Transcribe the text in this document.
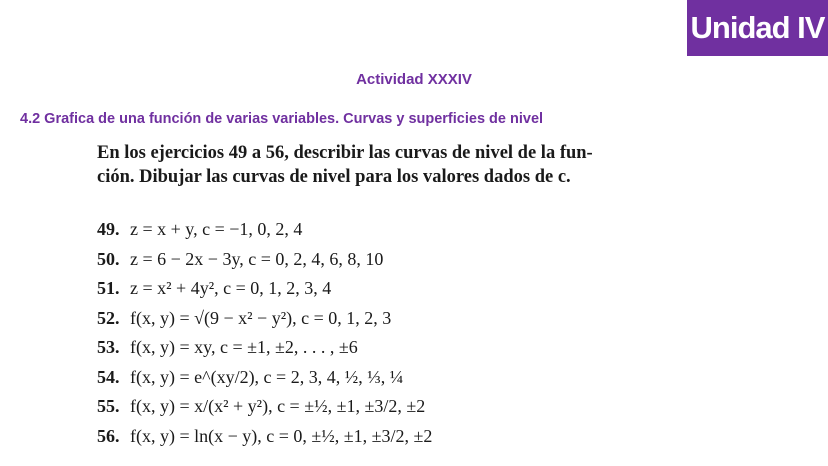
Unidad IV
Actividad XXXIV
4.2 Grafica de una función de varias variables. Curvas y superficies de nivel

En los ejercicios 49 a 56, describir las curvas de nivel de la fun-

ción. Dibujar las curvas de nivel para los valores dados de c.

49. z = x + y, c = −1, 0, 2, 4
50. z = 6 − 2x − 3y, c = 0, 2, 4, 6, 8, 10
51. z = x² + 4y², c = 0, 1, 2, 3, 4
52. f(x, y) = √(9 − x² − y²), c = 0, 1, 2, 3
53. f(x, y) = xy, c = ±1, ±2, . . . , ±6
54. f(x, y) = e^(xy/2), c = 2, 3, 4, ½, ⅓, ¼
55. f(x, y) = x/(x² + y²), c = ±½, ±1, ±3/2, ±2
56. f(x, y) = ln(x − y), c = 0, ±½, ±1, ±3/2, ±2
